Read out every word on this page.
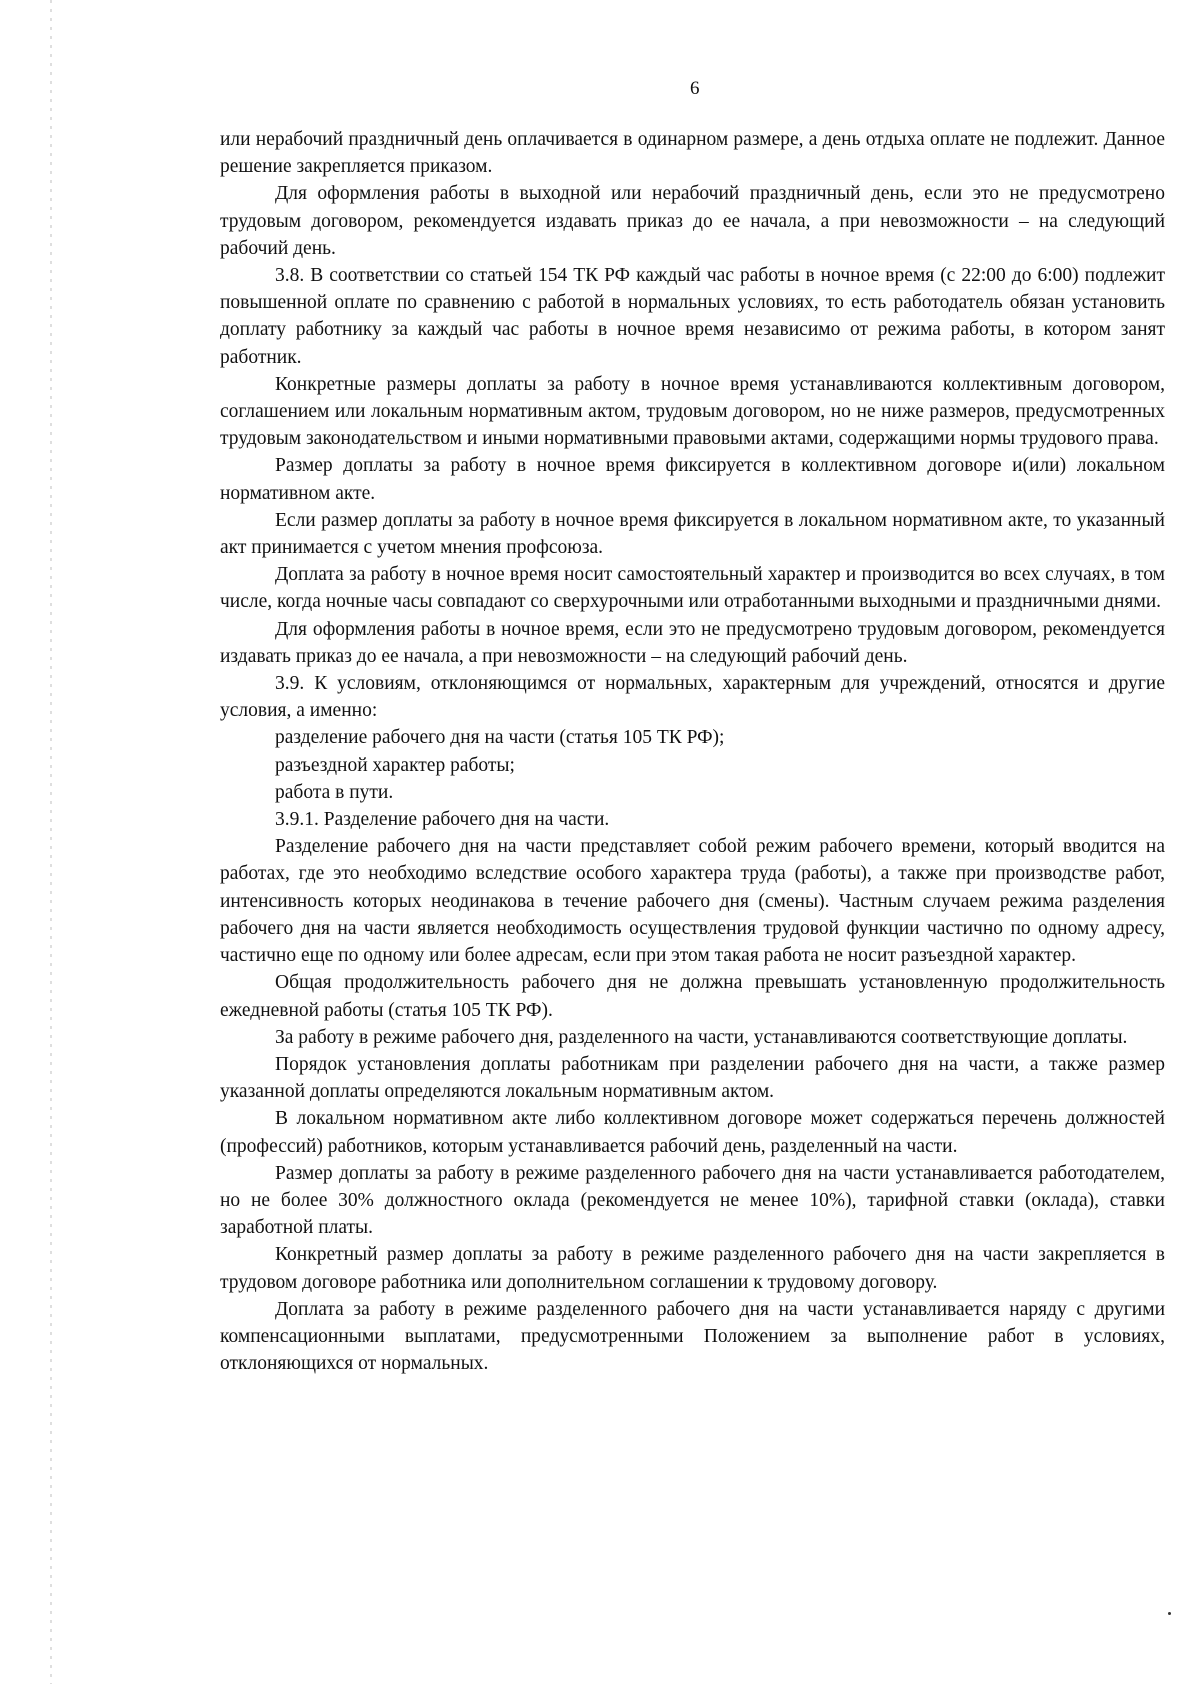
6

или нерабочий праздничный день оплачивается в одинарном размере, а день отдыха оплате не подлежит. Данное решение закрепляется приказом.

Для оформления работы в выходной или нерабочий праздничный день, если это не предусмотрено трудовым договором, рекомендуется издавать приказ до ее начала, а при невозможности – на следующий рабочий день.

3.8. В соответствии со статьей 154 ТК РФ каждый час работы в ночное время (с 22:00 до 6:00) подлежит повышенной оплате по сравнению с работой в нормальных условиях, то есть работодатель обязан установить доплату работнику за каждый час работы в ночное время независимо от режима работы, в котором занят работник.

Конкретные размеры доплаты за работу в ночное время устанавливаются коллективным договором, соглашением или локальным нормативным актом, трудовым договором, но не ниже размеров, предусмотренных трудовым законодательством и иными нормативными правовыми актами, содержащими нормы трудового права.

Размер доплаты за работу в ночное время фиксируется в коллективном договоре и(или) локальном нормативном акте.

Если размер доплаты за работу в ночное время фиксируется в локальном нормативном акте, то указанный акт принимается с учетом мнения профсоюза.

Доплата за работу в ночное время носит самостоятельный характер и производится во всех случаях, в том числе, когда ночные часы совпадают со сверхурочными или отработанными выходными и праздничными днями.

Для оформления работы в ночное время, если это не предусмотрено трудовым договором, рекомендуется издавать приказ до ее начала, а при невозможности – на следующий рабочий день.

3.9. К условиям, отклоняющимся от нормальных, характерным для учреждений, относятся и другие условия, а именно:

разделение рабочего дня на части (статья 105 ТК РФ);

разъездной характер работы;

работа в пути.

3.9.1. Разделение рабочего дня на части.

Разделение рабочего дня на части представляет собой режим рабочего времени, который вводится на работах, где это необходимо вследствие особого характера труда (работы), а также при производстве работ, интенсивность которых неодинакова в течение рабочего дня (смены). Частным случаем режима разделения рабочего дня на части является необходимость осуществления трудовой функции частично по одному адресу, частично еще по одному или более адресам, если при этом такая работа не носит разъездной характер.

Общая продолжительность рабочего дня не должна превышать установленную продолжительность ежедневной работы (статья 105 ТК РФ).

За работу в режиме рабочего дня, разделенного на части, устанавливаются соответствующие доплаты.

Порядок установления доплаты работникам при разделении рабочего дня на части, а также размер указанной доплаты определяются локальным нормативным актом.

В локальном нормативном акте либо коллективном договоре может содержаться перечень должностей (профессий) работников, которым устанавливается рабочий день, разделенный на части.

Размер доплаты за работу в режиме разделенного рабочего дня на части устанавливается работодателем, но не более 30% должностного оклада (рекомендуется не менее 10%), тарифной ставки (оклада), ставки заработной платы.

Конкретный размер доплаты за работу в режиме разделенного рабочего дня на части закрепляется в трудовом договоре работника или дополнительном соглашении к трудовому договору.

Доплата за работу в режиме разделенного рабочего дня на части устанавливается наряду с другими компенсационными выплатами, предусмотренными Положением за выполнение работ в условиях, отклоняющихся от нормальных.
